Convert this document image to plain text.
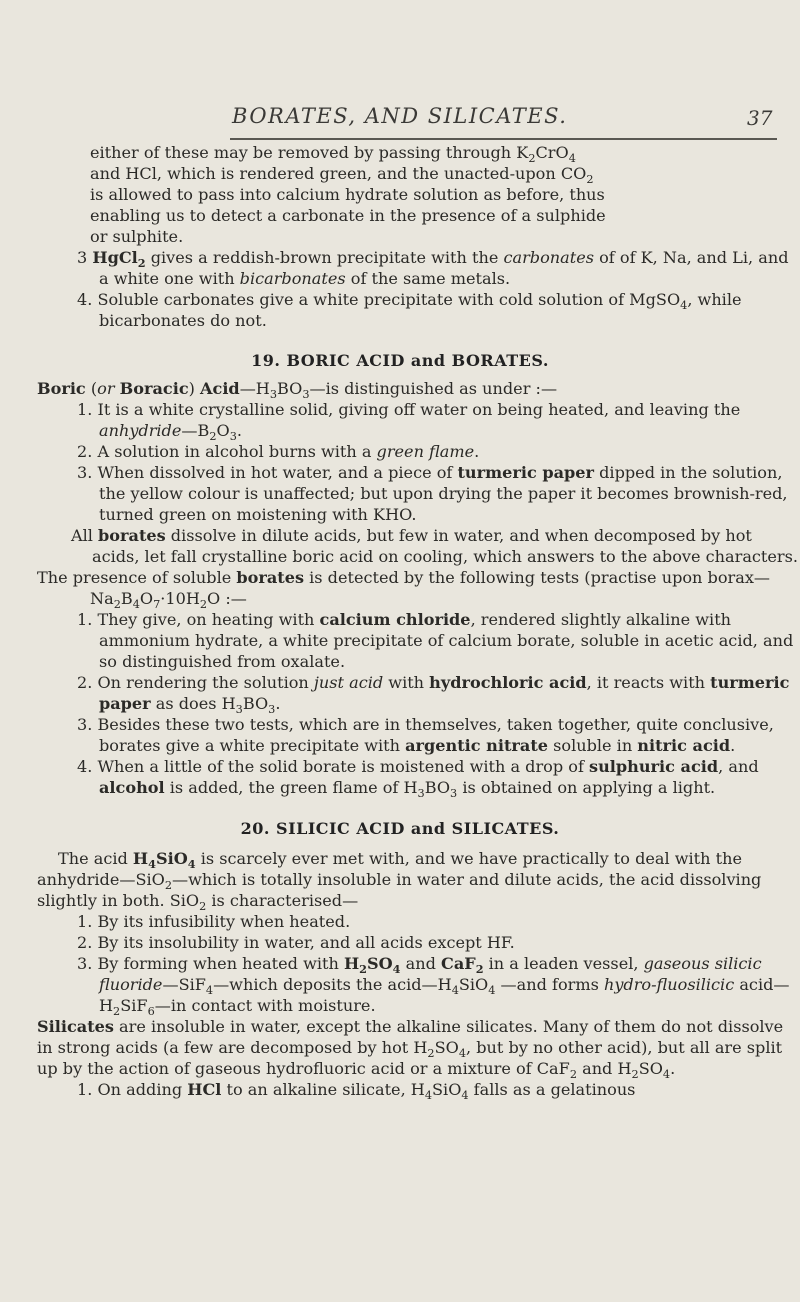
BORATES, AND SILICATES.	37

either of these may be removed by passing through $K_2CrO_4$

and HCl, which is rendered green, and the unacted-upon $CO_2$

is allowed to pass into calcium hydrate solution as before, thus

enabling us to detect a carbonate in the presence of a sulphide

or sulphite.

3 HgCl$_2$ gives a reddish-brown precipitate with the carbonates of of K, Na, and Li, and a white one with bicarbonates of the same metals.

4. Soluble carbonates give a white precipitate with cold solution of MgSO$_4$, while bicarbonates do not.

19. BORIC ACID and BORATES.

Boric (or Boracic) $Acid—H_3BO_3—is$ distinguished as under :—

1. It is a white crystalline solid, giving off water on being heated, and leaving the $anhydride—B_2O_3$.

2. A solution in alcohol burns with a green flame.

3. When dissolved in hot water, and a piece of turmeric paper dipped in the solution, the yellow colour is unaffected; but upon drying the paper it becomes brownish-red, turned green on moistening with KHO.

All borates dissolve in dilute acids, but few in water, and when decomposed by hot acids, let fall crystalline boric acid on cooling, which answers to the above characters.

The presence of soluble borates is detected by the following tests (practise upon $borax—Na_2B_4O_7\cdot 10H_2O$ :—

1. They give, on heating with calcium chloride, rendered slightly alkaline with ammonium hydrate, a white precipitate of calcium borate, soluble in acetic acid, and so distinguished from oxalate.

2. On rendering the solution just acid with hydrochloric acid, it reacts with turmeric paper as does $H_3BO_3$.

3. Besides these two tests, which are in themselves, taken together, quite conclusive, borates give a white precipitate with argentic nitrate soluble in nitric acid.

4. When a little of the solid borate is moistened with a drop of sulphuric acid, and alcohol is added, the green flame of $H_3BO_3$ is obtained on applying a light.

20. SILICIC ACID and SILICATES.

The acid $H_4SiO_4$ is scarcely ever met with, and we have practically to deal with the anhydride—SiO$_2$—which is totally insoluble in water and dilute acids, the acid dissolving slightly in both. SiO$_2$ is characterised—

1. By its infusibility when heated.

2. By its insolubility in water, and all acids except HF.

3. By forming when heated with $H_2SO_4$ and CaF$_2$ in a leaden vessel, gaseous silicic fluoride—SiF$_4$—which deposits the $acid—H_4SiO_4$ —and forms hydro-fluosilicic $acid—H_2SiF_6—in$ contact with moisture.

Silicates are insoluble in water, except the alkaline silicates. Many of them do not dissolve in strong acids (a few are decomposed by hot $H_2SO_4$, but by no other acid), but all are split up by the action of gaseous hydrofluoric acid or a mixture of CaF$_2$ and $H_2SO_4$.

1. On adding HCl to an alkaline silicate, $H_4SiO_4$ falls as a gelatinous
